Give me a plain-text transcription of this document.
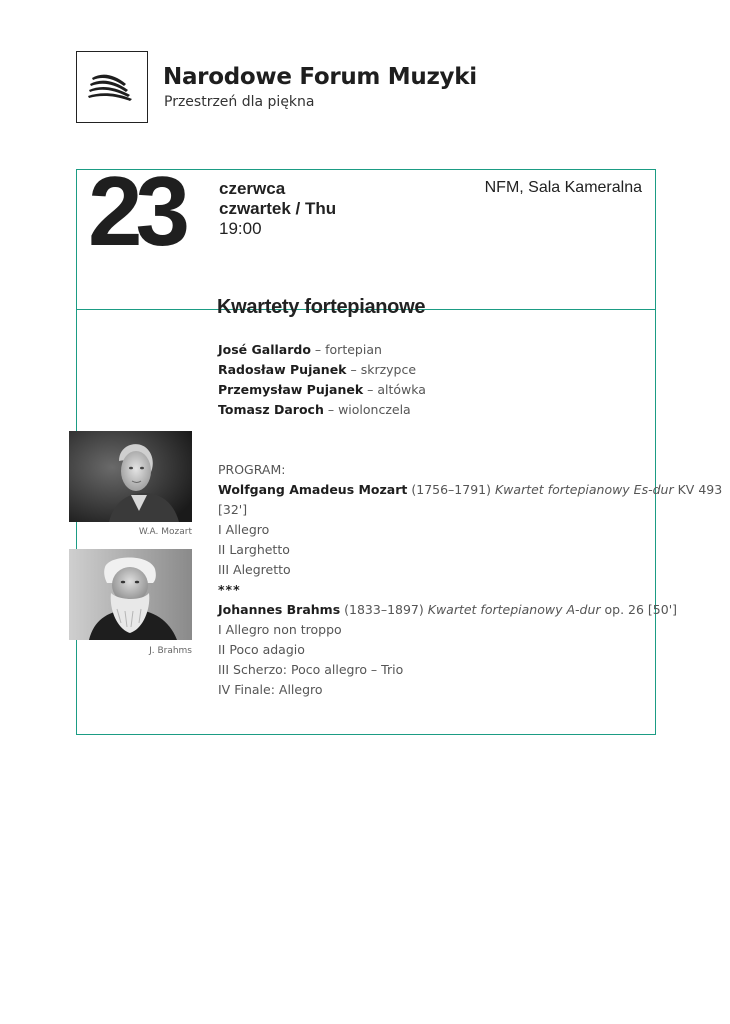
Narodowe Forum Muzyki
Przestrzeń dla piękna
23 czerwca
czwartek / Thu
19:00
NFM, Sala Kameralna
Kwartety fortepianowe
José Gallardo – fortepian
Radosław Pujanek – skrzypce
Przemysław Pujanek – altówka
Tomasz Daroch – wiolonczela
PROGRAM:
Wolfgang Amadeus Mozart (1756–1791) Kwartet fortepianowy Es-dur KV 493
[32']
I Allegro
II Larghetto
III Alegretto
***
Johannes Brahms (1833–1897) Kwartet fortepianowy A-dur op. 26 [50']
I Allegro non troppo
II Poco adagio
III Scherzo: Poco allegro – Trio
IV Finale: Allegro
W.A. Mozart
J. Brahms
